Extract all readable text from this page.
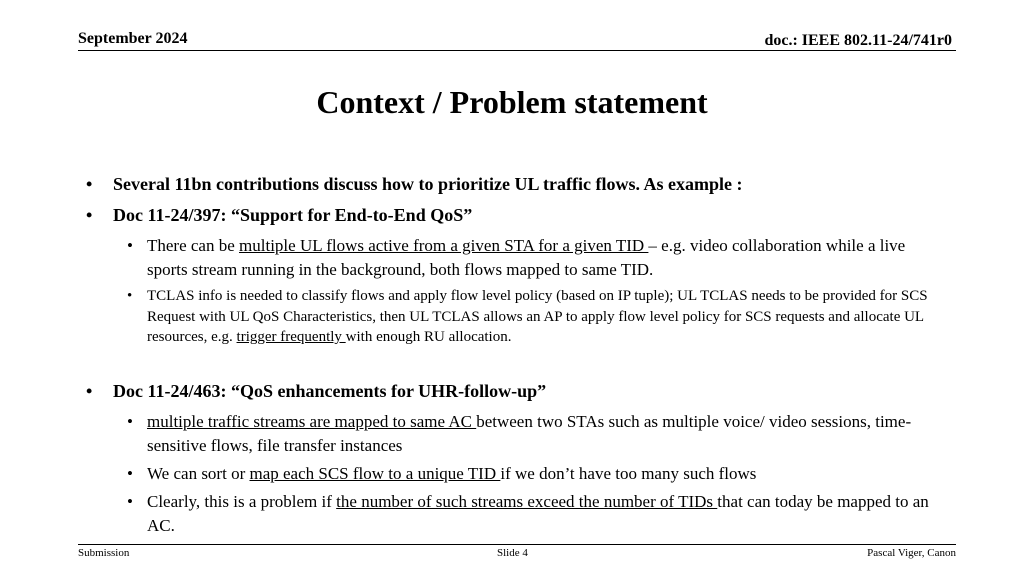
September 2024	doc.: IEEE 802.11-24/741r0
Context / Problem statement
• Several 11bn contributions discuss how to prioritize UL traffic flows. As example :
• Doc 11-24/397: “Support for End-to-End QoS”
• There can be multiple UL flows active from a given STA for a given TID – e.g. video collaboration while a live sports stream running in the background, both flows mapped to same TID.
• TCLAS info is needed to classify flows and apply flow level policy (based on IP tuple); UL TCLAS needs to be provided for SCS Request with UL QoS Characteristics, then UL TCLAS allows an AP to apply flow level policy for SCS requests and allocate UL resources, e.g. trigger frequently with enough RU allocation.
• Doc 11-24/463: “QoS enhancements for UHR-follow-up”
• multiple traffic streams are mapped to same AC between two STAs such as multiple voice/ video sessions, time-sensitive flows, file transfer instances
• We can sort or map each SCS flow to a unique TID if we don’t have too many such flows
• Clearly, this is a problem if the number of such streams exceed the number of TIDs that can today be mapped to an AC.
Submission	Slide 4	Pascal Viger, Canon
